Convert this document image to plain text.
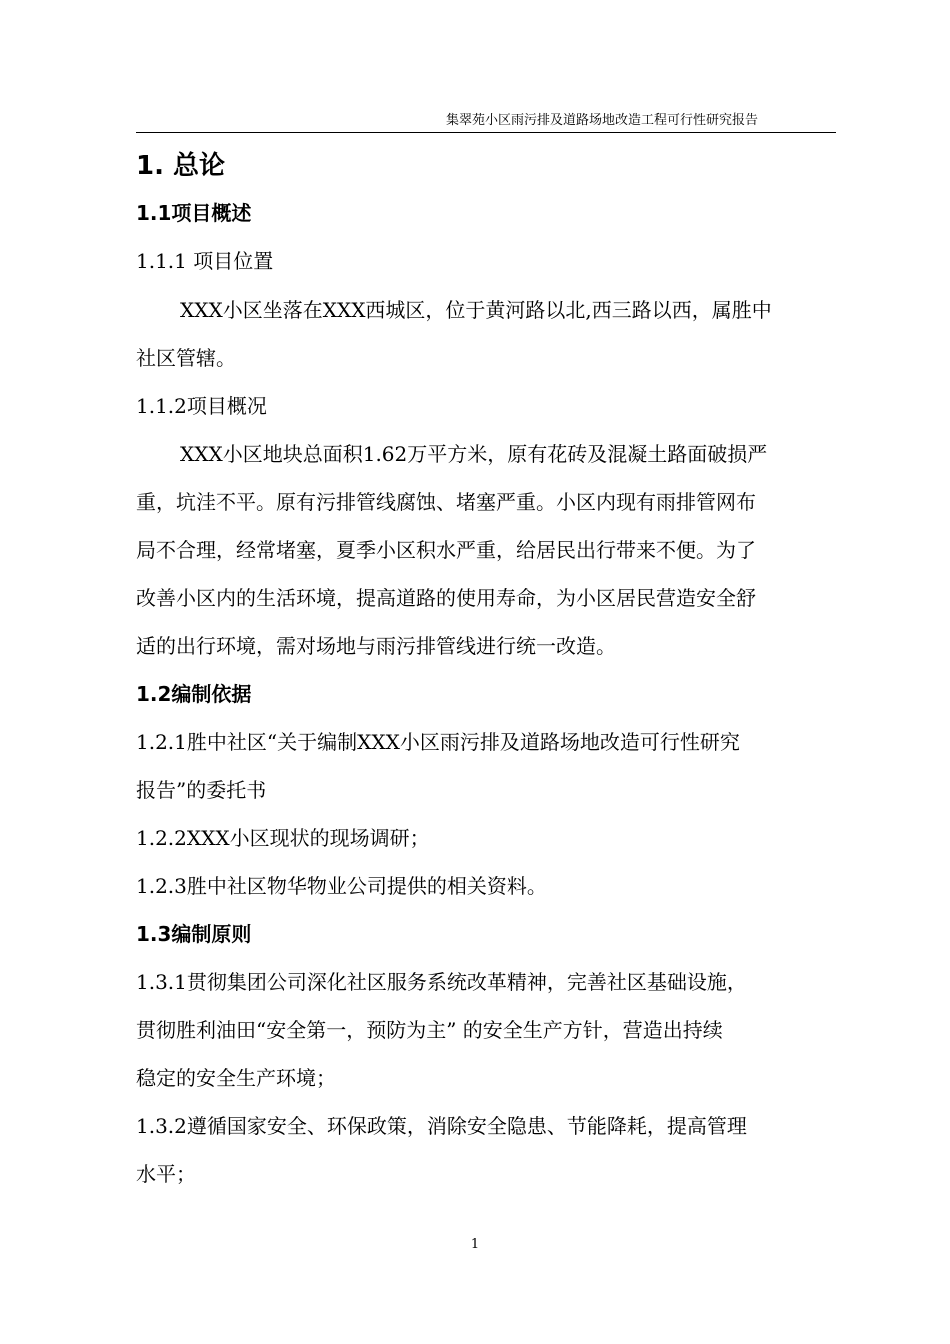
集翠苑小区雨污排及道路场地改造工程可行性研究报告
1. 总论
1.1项目概述
1.1.1 项目位置
XXX小区坐落在XXX西城区，位于黄河路以北,西三路以西，属胜中
社区管辖。
1.1.2项目概况
XXX小区地块总面积1.62万平方米，原有花砖及混凝土路面破损严
重，坑洼不平。原有污排管线腐蚀、堵塞严重。小区内现有雨排管网布
局不合理，经常堵塞，夏季小区积水严重，给居民出行带来不便。为了
改善小区内的生活环境，提高道路的使用寿命，为小区居民营造安全舒
适的出行环境，需对场地与雨污排管线进行统一改造。
1.2编制依据
1.2.1胜中社区“关于编制XXX小区雨污排及道路场地改造可行性研究
报告”的委托书
1.2.2XXX小区现状的现场调研；
1.2.3胜中社区物华物业公司提供的相关资料。
1.3编制原则
1.3.1贯彻集团公司深化社区服务系统改革精神，完善社区基础设施，
贯彻胜利油田“安全第一，预防为主” 的安全生产方针，营造出持续
稳定的安全生产环境；
1.3.2遵循国家安全、环保政策，消除安全隐患、节能降耗，提高管理
水平；
1
